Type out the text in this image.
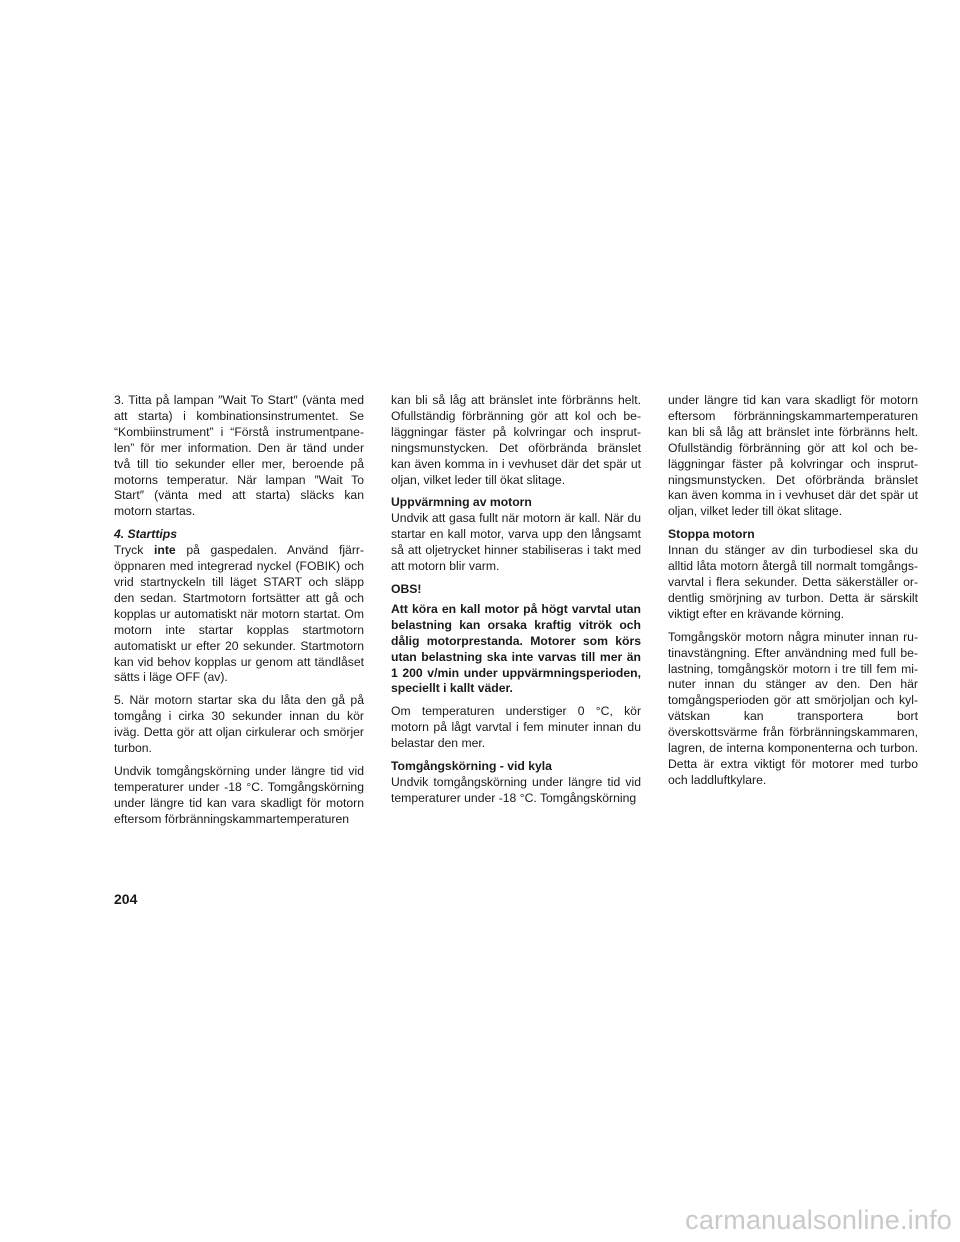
3. Titta på lampan ″Wait To Start″ (vänta med att starta) i kombinationsinstrumentet. Se “Kombiinstrument” i “Förstå instrumentpanelen” för mer information. Den är tänd under två till tio sekunder eller mer, beroende på motorns temperatur. När lampan ″Wait To Start″ (vänta med att starta) släcks kan motorn startas.

4. Starttips
Tryck inte på gaspedalen. Använd fjärröppnaren med integrerad nyckel (FOBIK) och vrid startnyckeln till läget START och släpp den sedan. Startmotorn fortsätter att gå och kopplas ur automatiskt när motorn startat. Om motorn inte startar kopplas startmotorn automatiskt ur efter 20 sekunder. Startmotorn kan vid behov kopplas ur genom att tändlåset sätts i läge OFF (av).

5. När motorn startar ska du låta den gå på tomgång i cirka 30 sekunder innan du kör iväg. Detta gör att oljan cirkulerar och smörjer turbon.

Undvik tomgångskörning under längre tid vid temperaturer under -18 °C. Tomgångskörning under längre tid kan vara skadligt för motorn eftersom förbränningskammartemperaturen

kan bli så låg att bränslet inte förbränns helt. Ofullständig förbränning gör att kol och beläggningar fäster på kolvringar och insprutningsmunstycken. Det oförbrända bränslet kan även komma in i vevhuset där det spär ut oljan, vilket leder till ökat slitage.

Uppvärmning av motorn
Undvik att gasa fullt när motorn är kall. När du startar en kall motor, varva upp den långsamt så att oljetrycket hinner stabiliseras i takt med att motorn blir varm.

OBS!

Att köra en kall motor på högt varvtal utan belastning kan orsaka kraftig vitrök och dålig motorprestanda. Motorer som körs utan belastning ska inte varvas till mer än 1 200 v/min under uppvärmningsperioden, speciellt i kallt väder.

Om temperaturen understiger 0 °C, kör motorn på lågt varvtal i fem minuter innan du belastar den mer.

Tomgångskörning - vid kyla
Undvik tomgångskörning under längre tid vid temperaturer under -18 °C. Tomgångskörning

under längre tid kan vara skadligt för motorn eftersom förbränningskammartemperaturen kan bli så låg att bränslet inte förbränns helt. Ofullständig förbränning gör att kol och beläggningar fäster på kolvringar och insprutningsmunstycken. Det oförbrända bränslet kan även komma in i vevhuset där det spär ut oljan, vilket leder till ökat slitage.

Stoppa motorn
Innan du stänger av din turbodiesel ska du alltid låta motorn återgå till normalt tomgångsvarvtal i flera sekunder. Detta säkerställer ordentlig smörjning av turbon. Detta är särskilt viktigt efter en krävande körning.

Tomgångskör motorn några minuter innan rutinavstängning. Efter användning med full belastning, tomgångskör motorn i tre till fem minuter innan du stänger av den. Den här tomgångsperioden gör att smörjoljan och kylvätskan kan transportera bort överskottsvärme från förbränningskammaren, lagren, de interna komponenterna och turbon. Detta är extra viktigt för motorer med turbo och laddluftkylare.

204
carmanualsonline.info
